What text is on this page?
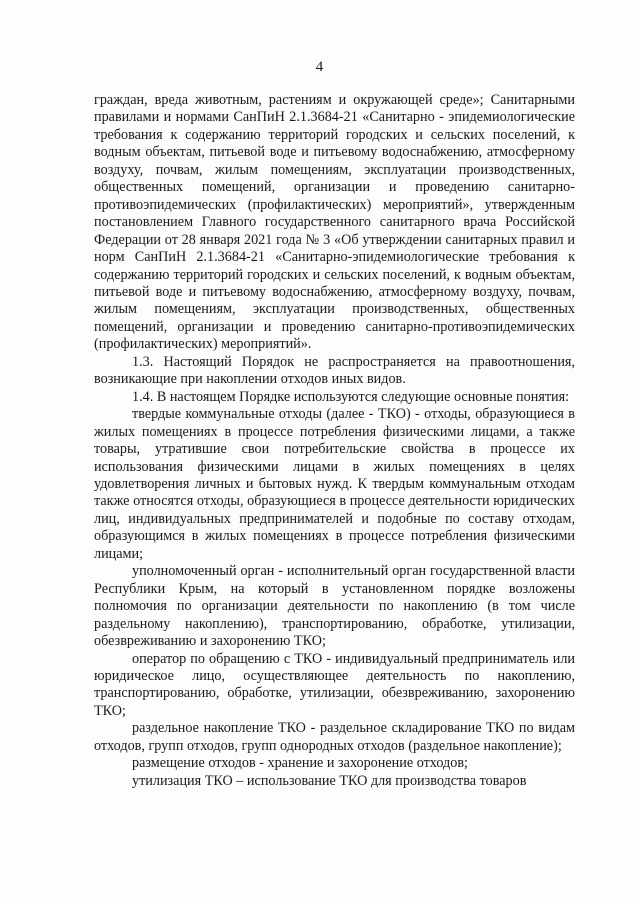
4

граждан, вреда животным, растениям и окружающей среде»; Санитарными правилами и нормами СанПиН 2.1.3684-21 «Санитарно - эпидемиологические требования к содержанию территорий городских и сельских поселений, к водным объектам, питьевой воде и питьевому водоснабжению, атмосферному воздуху, почвам, жилым помещениям, эксплуатации производственных, общественных помещений, организации и проведению санитарно-противоэпидемических (профилактических) мероприятий», утвержденным постановлением Главного государственного санитарного врача Российской Федерации от 28 января 2021 года № 3 «Об утверждении санитарных правил и норм СанПиН 2.1.3684-21 «Санитарно-эпидемиологические требования к содержанию территорий городских и сельских поселений, к водным объектам, питьевой воде и питьевому водоснабжению, атмосферному воздуху, почвам, жилым помещениям, эксплуатации производственных, общественных помещений, организации и проведению санитарно-противоэпидемических (профилактических) мероприятий».

1.3. Настоящий Порядок не распространяется на правоотношения, возникающие при накоплении отходов иных видов.

1.4. В настоящем Порядке используются следующие основные понятия:

твердые коммунальные отходы (далее - ТКО) - отходы, образующиеся в жилых помещениях в процессе потребления физическими лицами, а также товары, утратившие свои потребительские свойства в процессе их использования физическими лицами в жилых помещениях в целях удовлетворения личных и бытовых нужд. К твердым коммунальным отходам также относятся отходы, образующиеся в процессе деятельности юридических лиц, индивидуальных предпринимателей и подобные по составу отходам, образующимся в жилых помещениях в процессе потребления физическими лицами;

уполномоченный орган - исполнительный орган государственной власти Республики Крым, на который в установленном порядке возложены полномочия по организации деятельности по накоплению (в том числе раздельному накоплению), транспортированию, обработке, утилизации, обезвреживанию и захоронению ТКО;

оператор по обращению с ТКО - индивидуальный предприниматель или юридическое лицо, осуществляющее деятельность по накоплению, транспортированию, обработке, утилизации, обезвреживанию, захоронению ТКО;

раздельное накопление ТКО - раздельное складирование ТКО по видам отходов, групп отходов, групп однородных отходов (раздельное накопление);

размещение отходов - хранение и захоронение отходов;

утилизация ТКО – использование ТКО для производства товаров
